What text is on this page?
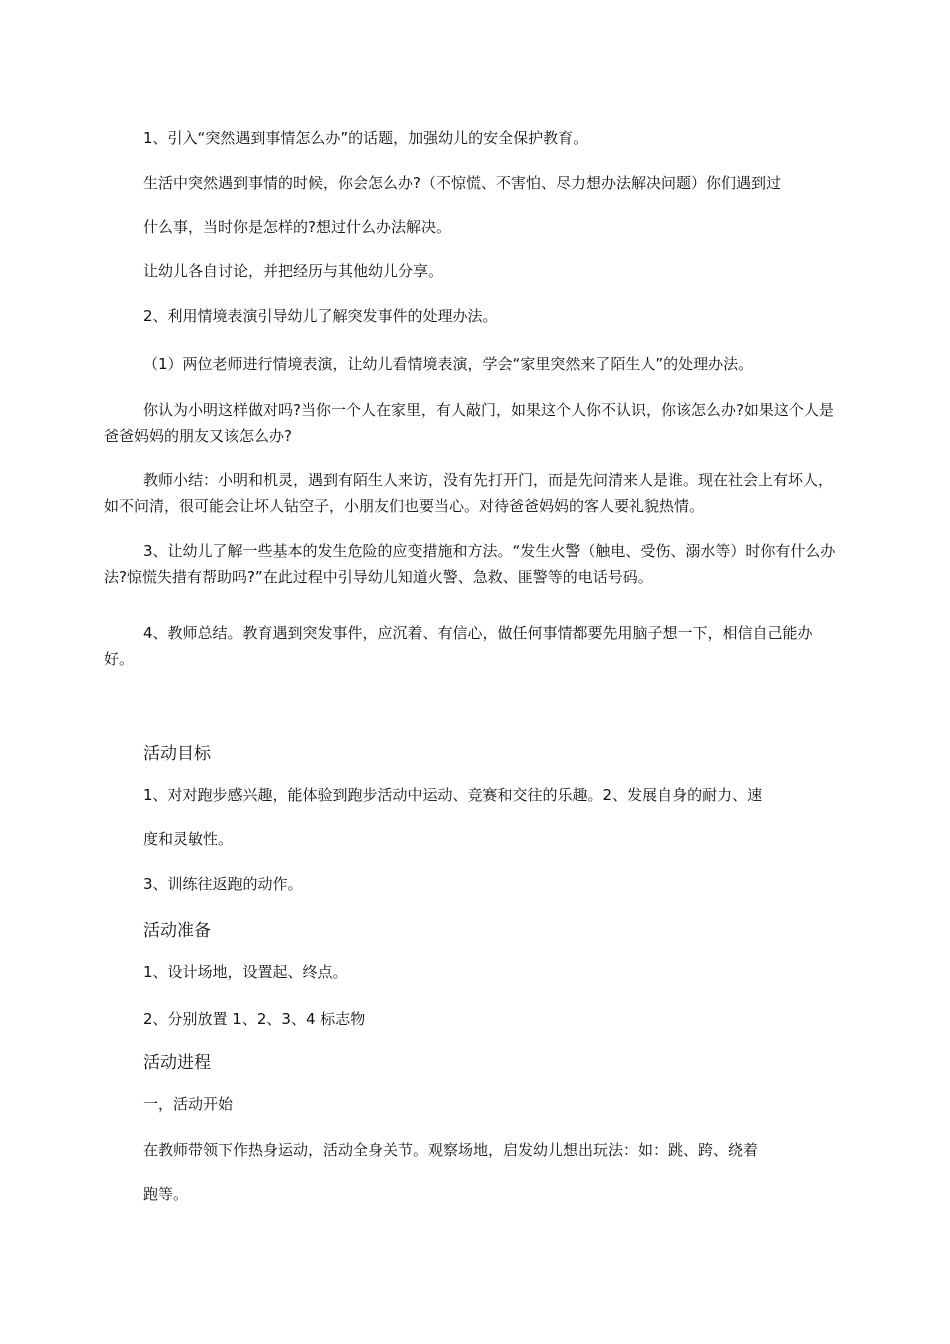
1、引入“突然遇到事情怎么办”的话题，加强幼儿的安全保护教育。

生活中突然遇到事情的时候，你会怎么办?（不惊慌、不害怕、尽力想办法解决问题）你们遇到过

什么事，当时你是怎样的?想过什么办法解决。

让幼儿各自讨论，并把经历与其他幼儿分享。

2、利用情境表演引导幼儿了解突发事件的处理办法。

（1）两位老师进行情境表演，让幼儿看情境表演，学会“家里突然来了陌生人”的处理办法。

你认为小明这样做对吗?当你一个人在家里，有人敲门，如果这个人你不认识，你该怎么办?如果这个人是爸爸妈妈的朋友又该怎么办?

教师小结：小明和机灵，遇到有陌生人来访，没有先打开门，而是先问清来人是谁。现在社会上有坏人，如不问清，很可能会让坏人钻空子，小朋友们也要当心。对待爸爸妈妈的客人要礼貌热情。

3、让幼儿了解一些基本的发生危险的应变措施和方法。“发生火警（触电、受伤、溺水等）时你有什么办法?惊慌失措有帮助吗?”在此过程中引导幼儿知道火警、急救、匪警等的电话号码。

4、教师总结。教育遇到突发事件，应沉着、有信心，做任何事情都要先用脑子想一下，相信自己能办好。

活动目标

1、对对跑步感兴趣，能体验到跑步活动中运动、竞赛和交往的乐趣。2、发展自身的耐力、速

度和灵敏性。

3、训练往返跑的动作。

活动准备

1、设计场地，设置起、终点。

2、分别放置 1、2、3、4 标志物

活动进程

一，活动开始

在教师带领下作热身运动，活动全身关节。观察场地，启发幼儿想出玩法：如：跳、跨、绕着

跑等。
